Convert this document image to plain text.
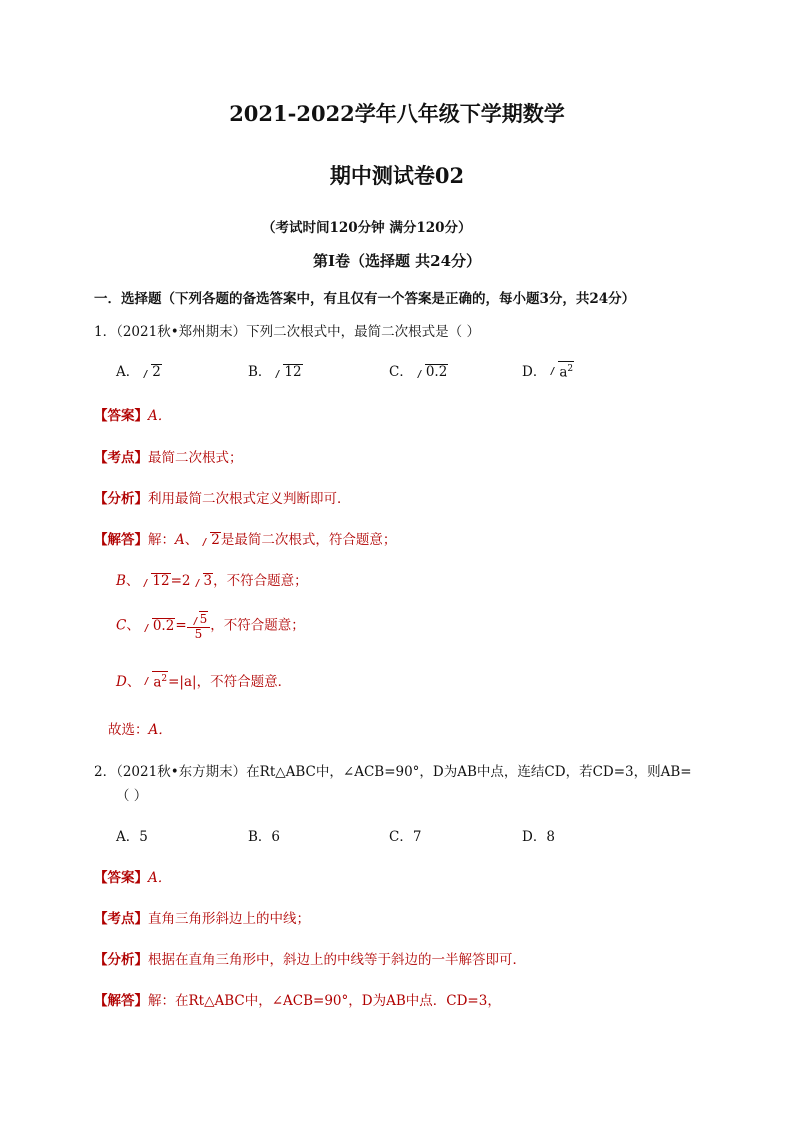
2021-2022学年八年级下学期数学
期中测试卷02
（考试时间120分钟 满分120分）
第Ⅰ卷（选择题 共24分）
一．选择题（下列各题的备选答案中，有且仅有一个答案是正确的，每小题3分，共24分）
1．（2021秋•郑州期末）下列二次根式中，最简二次根式是（ ）
A． 2	B． 12	C． 0.2	D． $a^2$
【答案】A．
【考点】最简二次根式；
【分析】利用最简二次根式定义判断即可．
【解答】解：A、 2是最简二次根式，符合题意；
B、 12=2 3，不符合题意；
C、 $0.2= \frac{5}{5}$ ，不符合题意；
D、 $a^2=|a|$，不符合题意．
故选：A．
2．（2021秋•东方期末）在Rt△ABC中，∠ACB=90°，D为AB中点，连结CD，若CD=3，则AB=
（ ）
A．5	B．6	C．7	D．8
【答案】A．
【考点】直角三角形斜边上的中线；
【分析】根据在直角三角形中，斜边上的中线等于斜边的一半解答即可．
【解答】解：在Rt△ABC中，∠ACB=90°，D为AB中点．CD=3，
